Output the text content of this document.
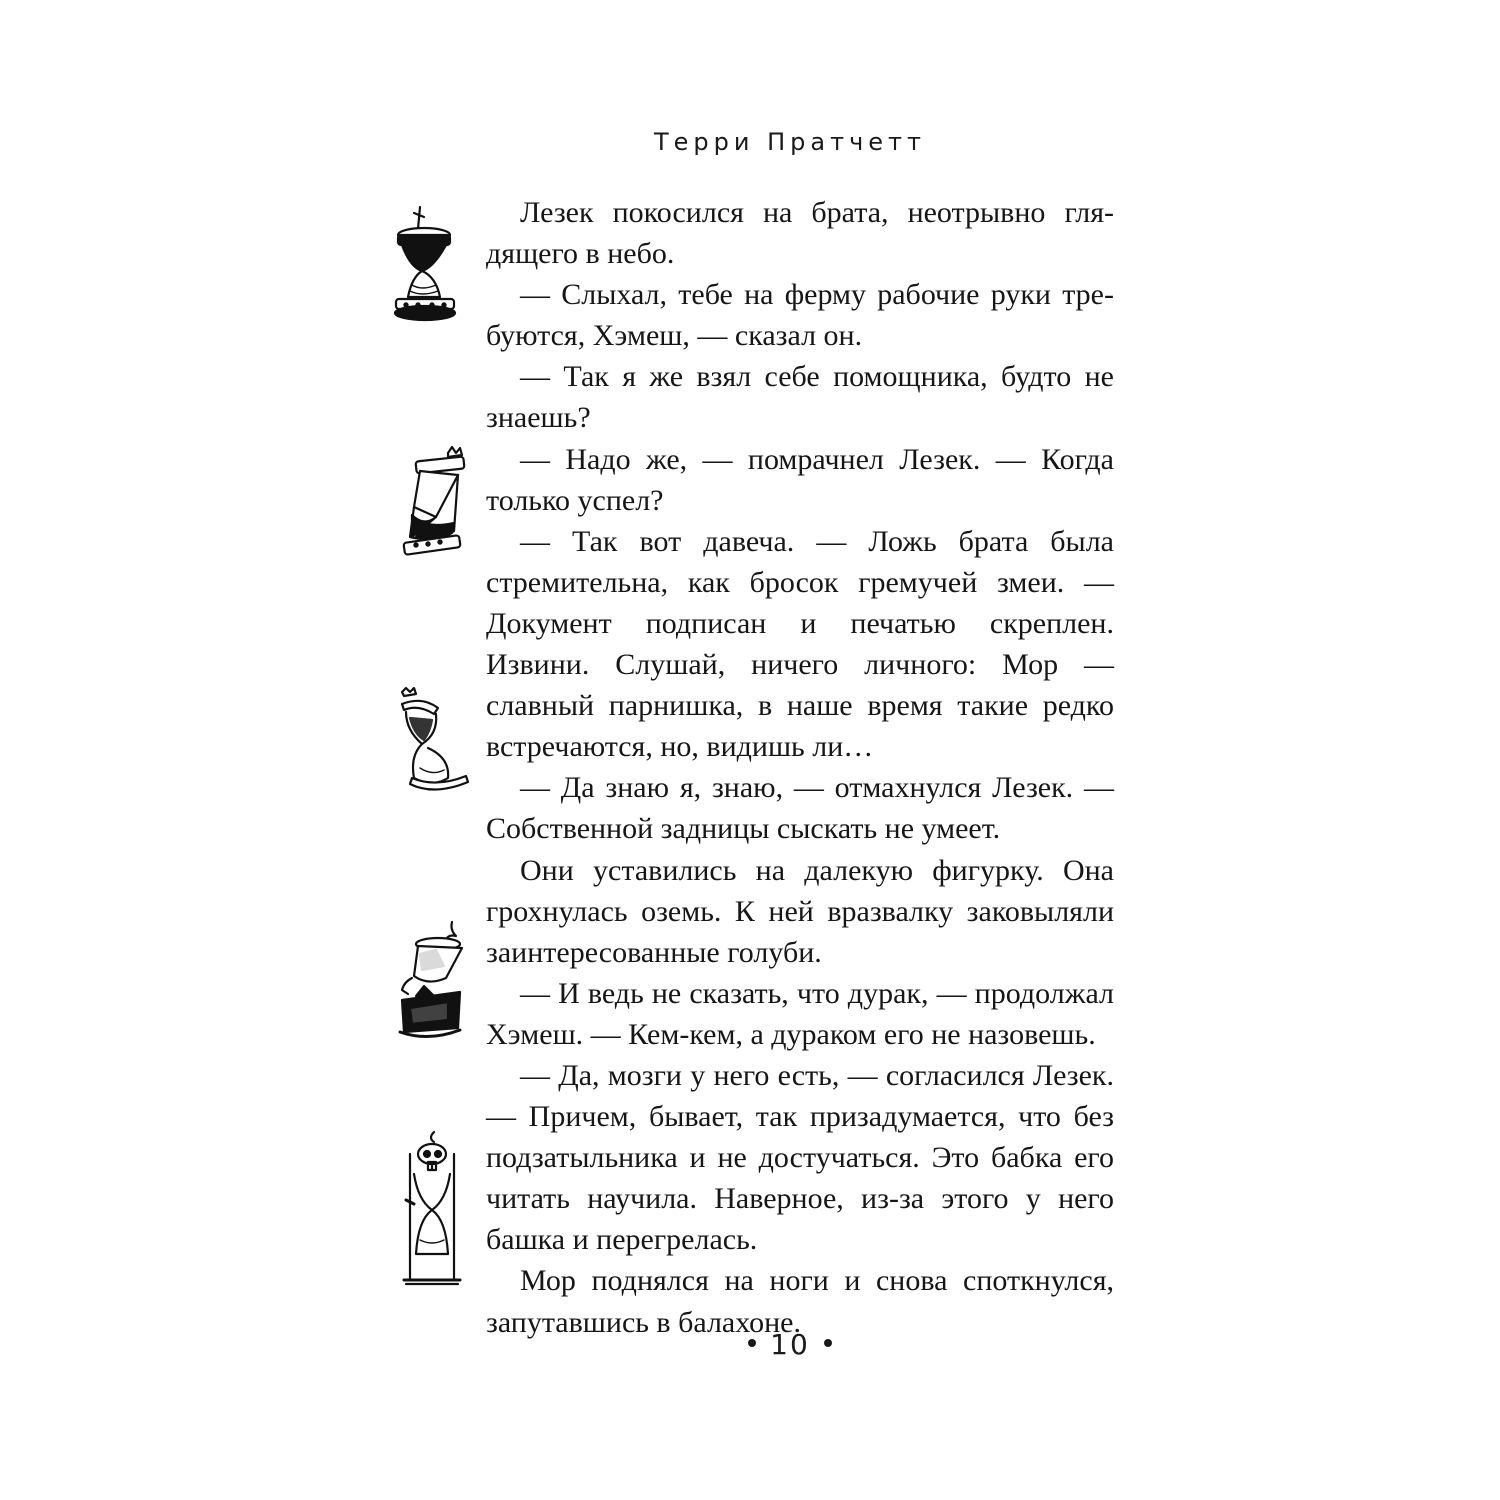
Терри Пратчетт

Лезек покосился на брата, неотрывно глядящего в небо.

— Слыхал, тебе на ферму рабочие руки требуются, Хэмеш, — сказал он.

— Так я же взял себе помощника, будто не знаешь?

— Надо же, — помрачнел Лезек. — Когда только успел?

— Так вот давеча. — Ложь брата была стремительна, как бросок гремучей змеи. — Документ подписан и печатью скреплен. Извини. Слушай, ничего личного: Мор — славный парнишка, в наше время такие редко встречаются, но, видишь ли…

— Да знаю я, знаю, — отмахнулся Лезек. — Собственной задницы сыскать не умеет.

Они уставились на далекую фигурку. Она грохнулась оземь. К ней вразвалку заковыляли заинтересованные голуби.

— И ведь не сказать, что дурак, — продолжал Хэмеш. — Кем-кем, а дураком его не назовешь.

— Да, мозги у него есть, — согласился Лезек. — Причем, бывает, так призадумается, что без подзатыльника и не достучаться. Это бабка его читать научила. Наверное, из-за этого у него башка и перегрелась.

Мор поднялся на ноги и снова споткнулся, запутавшись в балахоне.

10
